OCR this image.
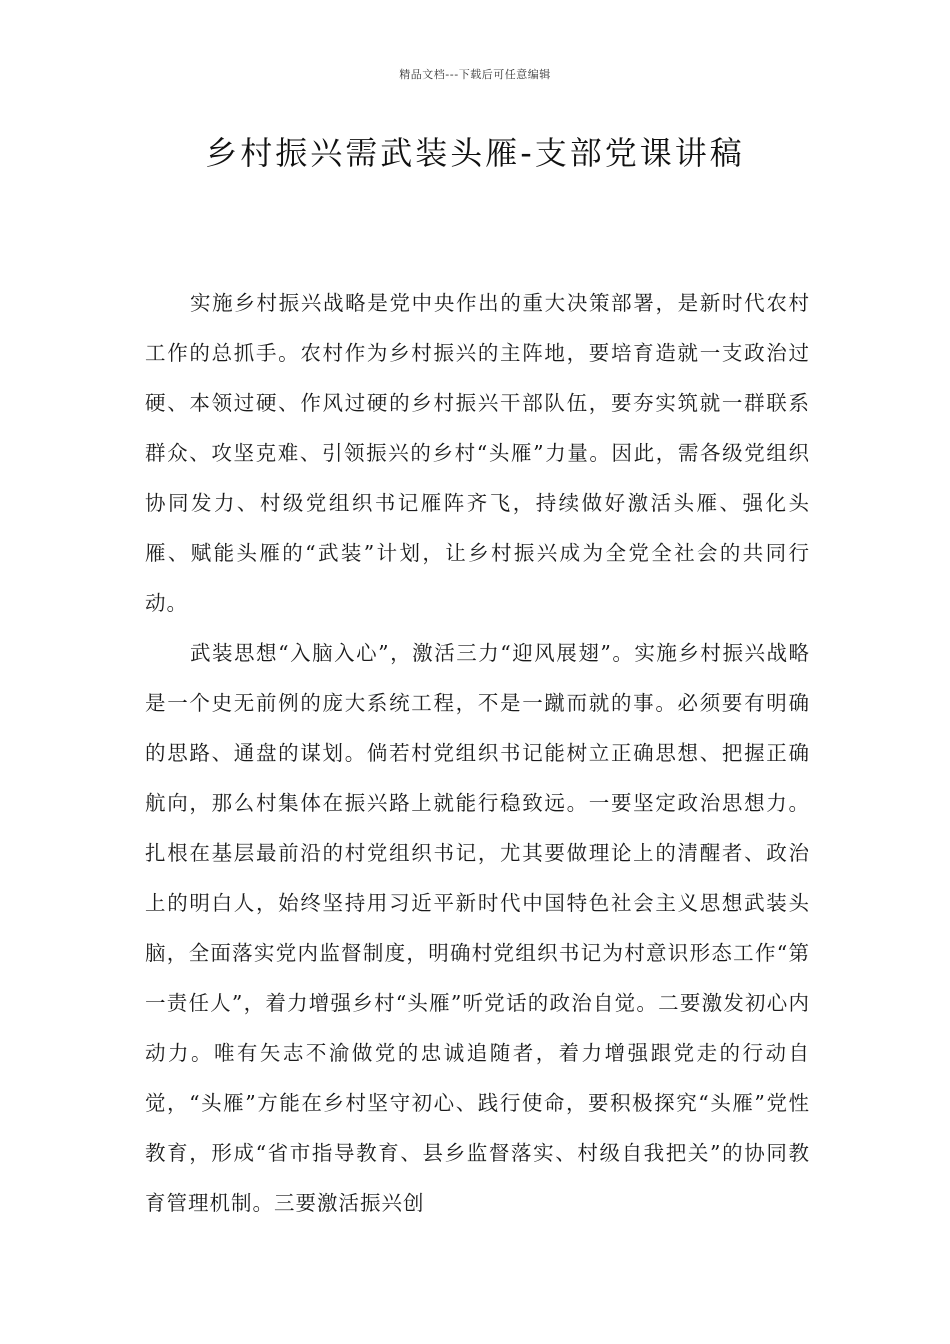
精品文档---下载后可任意编辑
乡村振兴需武装头雁-支部党课讲稿

实施乡村振兴战略是党中央作出的重大决策部署，是新时代农村工作的总抓手。农村作为乡村振兴的主阵地，要培育造就一支政治过硬、本领过硬、作风过硬的乡村振兴干部队伍，要夯实筑就一群联系群众、攻坚克难、引领振兴的乡村“头雁”力量。因此，需各级党组织协同发力、村级党组织书记雁阵齐飞，持续做好激活头雁、强化头雁、赋能头雁的“武装”计划，让乡村振兴成为全党全社会的共同行动。

武装思想“入脑入心”，激活三力“迎风展翅”。实施乡村振兴战略是一个史无前例的庞大系统工程，不是一蹴而就的事。必须要有明确的思路、通盘的谋划。倘若村党组织书记能树立正确思想、把握正确航向，那么村集体在振兴路上就能行稳致远。一要坚定政治思想力。扎根在基层最前沿的村党组织书记，尤其要做理论上的清醒者、政治上的明白人，始终坚持用习近平新时代中国特色社会主义思想武装头脑，全面落实党内监督制度，明确村党组织书记为村意识形态工作“第一责任人”，着力增强乡村“头雁”听党话的政治自觉。二要激发初心内动力。唯有矢志不渝做党的忠诚追随者，着力增强跟党走的行动自觉，“头雁”方能在乡村坚守初心、践行使命，要积极探究“头雁”党性教育，形成“省市指导教育、县乡监督落实、村级自我把关”的协同教育管理机制。三要激活振兴创
